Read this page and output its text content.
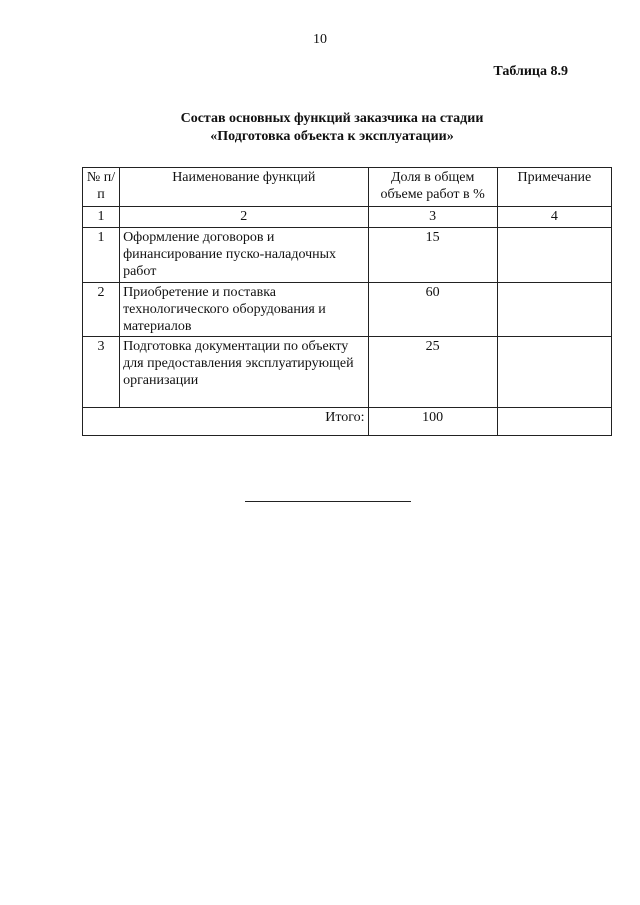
10
Таблица 8.9
Состав основных функций заказчика на стадии
«Подготовка объекта к эксплуатации»
№ п/п	Наименование функций	Доля в общем объеме работ в %	Примечание
1	2	3	4
1	Оформление договоров и финансирование пуско-наладочных работ	15	
2	Приобретение и поставка технологического оборудования и материалов	60	
3	Подготовка документации по объекту для предоставления эксплуатирующей организации	25	
Итого:		100	
